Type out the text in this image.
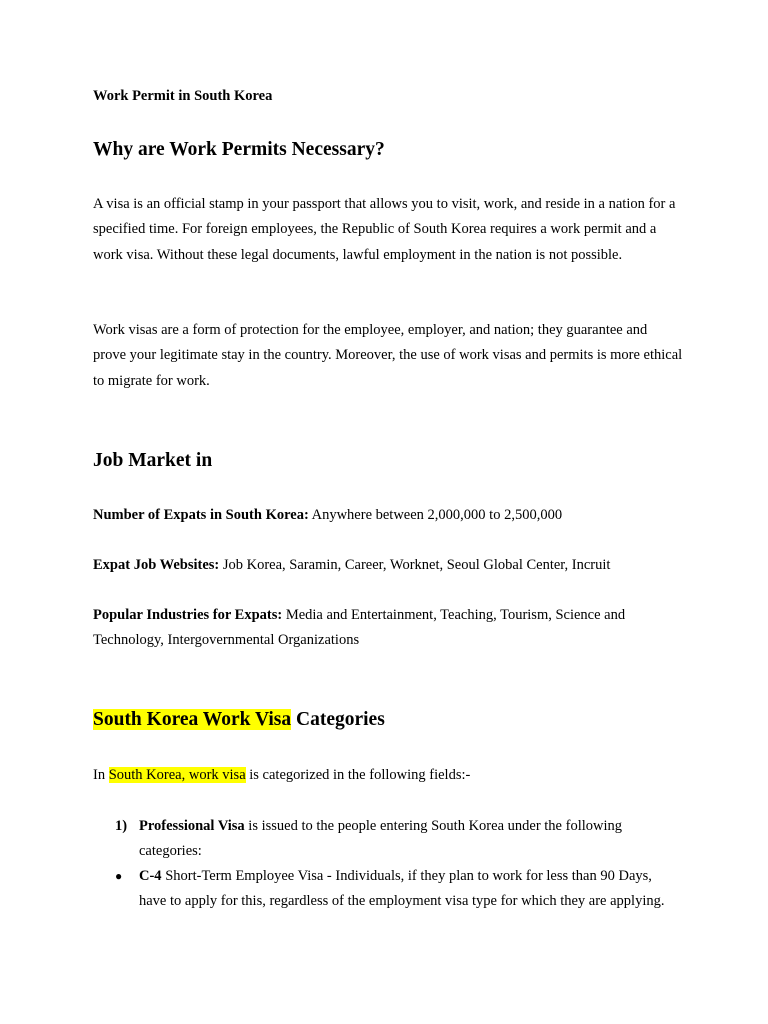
Work Permit in South Korea
Why are Work Permits Necessary?
A visa is an official stamp in your passport that allows you to visit, work, and reside in a nation for a specified time. For foreign employees, the Republic of South Korea requires a work permit and a work visa. Without these legal documents, lawful employment in the nation is not possible.
Work visas are a form of protection for the employee, employer, and nation; they guarantee and prove your legitimate stay in the country. Moreover, the use of work visas and permits is more ethical to migrate for work.
Job Market in
Number of Expats in South Korea: Anywhere between 2,000,000 to 2,500,000
Expat Job Websites: Job Korea, Saramin, Career, Worknet, Seoul Global Center, Incruit
Popular Industries for Expats: Media and Entertainment, Teaching, Tourism, Science and Technology, Intergovernmental Organizations
South Korea Work Visa Categories
In South Korea, work visa is categorized in the following fields:-
1) Professional Visa is issued to the people entering South Korea under the following categories:
● C-4 Short-Term Employee Visa - Individuals, if they plan to work for less than 90 Days, have to apply for this, regardless of the employment visa type for which they are applying.
